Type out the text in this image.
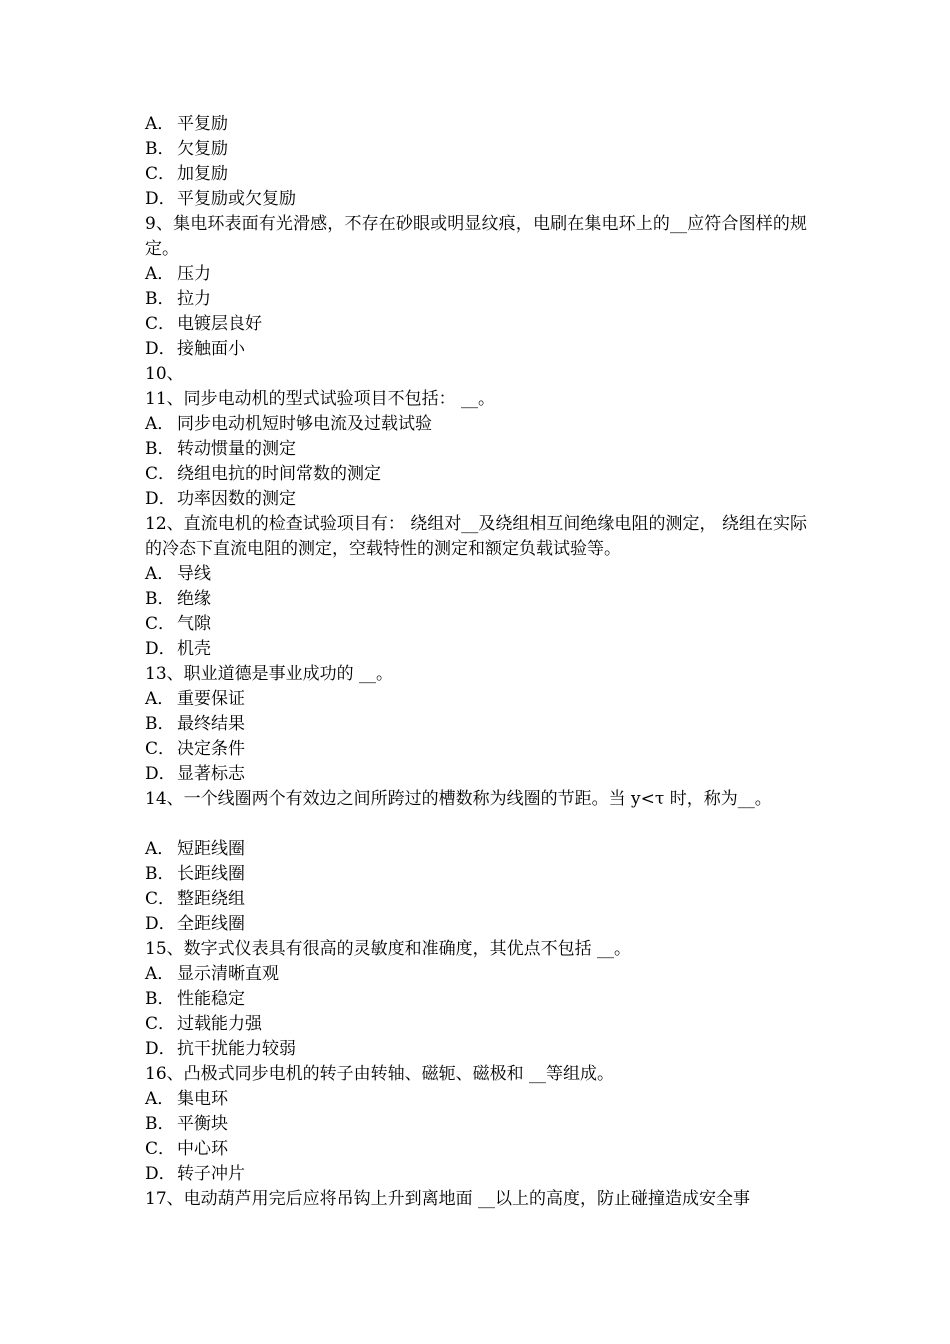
A． 平复励
B． 欠复励
C． 加复励
D．平复励或欠复励
9、集电环表面有光滑感，不存在砂眼或明显纹痕，电刷在集电环上的__应符合图样的规定。
A． 压力
B． 拉力
C． 电镀层良好
D．接触面小
10、
11、同步电动机的型式试验项目不包括： __。
A． 同步电动机短时够电流及过载试验
B． 转动惯量的测定
C． 绕组电抗的时间常数的测定
D．功率因数的测定
12、直流电机的检查试验项目有： 绕组对__及绕组相互间绝缘电阻的测定， 绕组在实际的冷态下直流电阻的测定，空载特性的测定和额定负载试验等。
A． 导线
B． 绝缘
C． 气隙
D．机壳
13、职业道德是事业成功的 __。
A． 重要保证
B． 最终结果
C． 决定条件
D．显著标志
14、一个线圈两个有效边之间所跨过的槽数称为线圈的节距。当 y<τ 时，称为__。
A． 短距线圈
B． 长距线圈
C． 整距绕组
D．全距线圈
15、数字式仪表具有很高的灵敏度和准确度，其优点不包括 __。
A． 显示清晰直观
B． 性能稳定
C． 过载能力强
D．抗干扰能力较弱
16、凸极式同步电机的转子由转轴、磁轭、磁极和 __等组成。
A． 集电环
B． 平衡块
C． 中心环
D．转子冲片
17、电动葫芦用完后应将吊钩上升到离地面 __以上的高度，防止碰撞造成安全事
